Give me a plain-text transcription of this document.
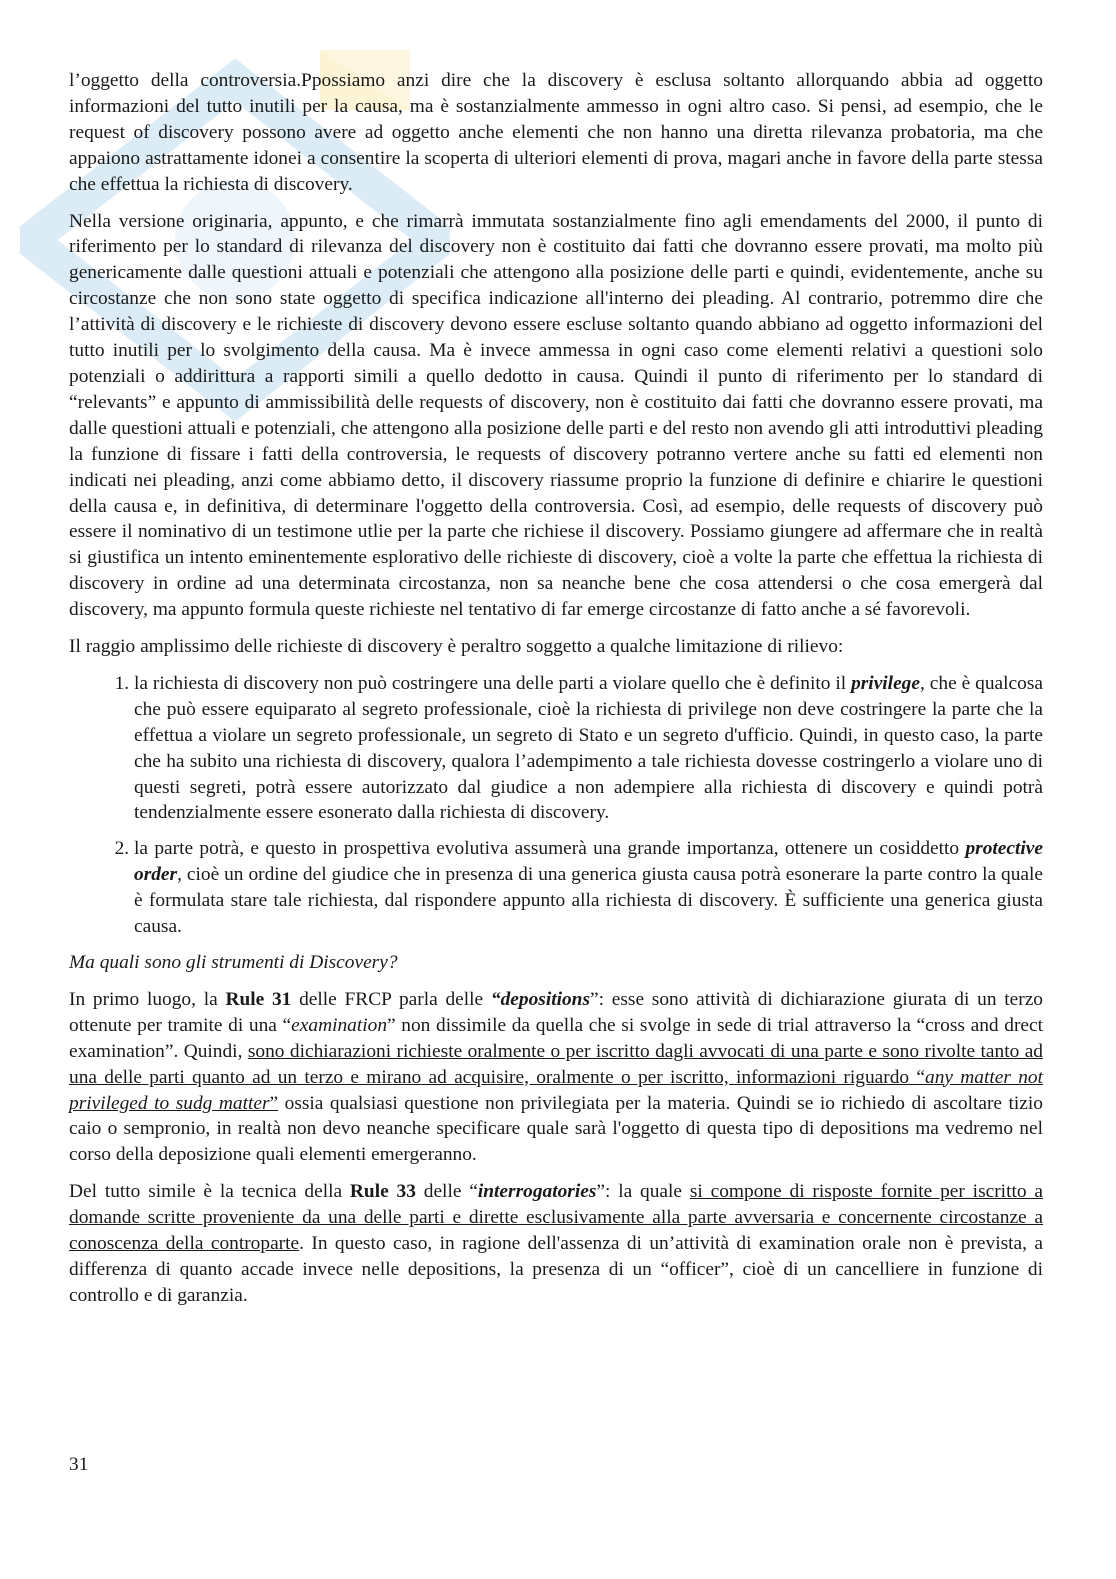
l’oggetto della controversia.Ppossiamo anzi dire che la discovery è esclusa soltanto allorquando abbia ad oggetto informazioni del tutto inutili per la causa, ma è sostanzialmente ammesso in ogni altro caso. Si pensi, ad esempio, che le request of discovery possono avere ad oggetto anche elementi che non hanno una diretta rilevanza probatoria, ma che appaiono astrattamente idonei a consentire la scoperta di ulteriori elementi di prova, magari anche in favore della parte stessa che effettua la richiesta di discovery.

Nella versione originaria, appunto, e che rimarrà immutata sostanzialmente fino agli emendaments del 2000, il punto di riferimento per lo standard di rilevanza del discovery non è costituito dai fatti che dovranno essere provati, ma molto più genericamente dalle questioni attuali e potenziali che attengono alla posizione delle parti e quindi, evidentemente, anche su circostanze che non sono state oggetto di specifica indicazione all'interno dei pleading. Al contrario, potremmo dire che l’attività di discovery e le richieste di discovery devono essere escluse soltanto quando abbiano ad oggetto informazioni del tutto inutili per lo svolgimento della causa. Ma è invece ammessa in ogni caso come elementi relativi a questioni solo potenziali o addirittura a rapporti simili a quello dedotto in causa. Quindi il punto di riferimento per lo standard di “relevants” e appunto di ammissibilità delle requests of discovery, non è costituito dai fatti che dovranno essere provati, ma dalle questioni attuali e potenziali, che attengono alla posizione delle parti e del resto non avendo gli atti introduttivi pleading la funzione di fissare i fatti della controversia, le requests of discovery potranno vertere anche su fatti ed elementi non indicati nei pleading, anzi come abbiamo detto, il discovery riassume proprio la funzione di definire e chiarire le questioni della causa e, in definitiva, di determinare l'oggetto della controversia. Così, ad esempio, delle requests of discovery può essere il nominativo di un testimone utlie per la parte che richiese il discovery. Possiamo giungere ad affermare che in realtà si giustifica un intento eminentemente esplorativo delle richieste di discovery, cioè a volte la parte che effettua la richiesta di discovery in ordine ad una determinata circostanza, non sa neanche bene che cosa attendersi o che cosa emergerà dal discovery, ma appunto formula queste richieste nel tentativo di far emerge circostanze di fatto anche a sé favorevoli.

Il raggio amplissimo delle richieste di discovery è peraltro soggetto a qualche limitazione di rilievo:

1. la richiesta di discovery non può costringere una delle parti a violare quello che è definito il privilege, che è qualcosa che può essere equiparato al segreto professionale, cioè la richiesta di privilege non deve costringere la parte che la effettua a violare un segreto professionale, un segreto di Stato e un segreto d'ufficio. Quindi, in questo caso, la parte che ha subito una richiesta di discovery, qualora l’adempimento a tale richiesta dovesse costringerlo a violare uno di questi segreti, potrà essere autorizzato dal giudice a non adempiere alla richiesta di discovery e quindi potrà tendenzialmente essere esonerato dalla richiesta di discovery.
2. la parte potrà, e questo in prospettiva evolutiva assumerà una grande importanza, ottenere un cosiddetto protective order, cioè un ordine del giudice che in presenza di una generica giusta causa potrà esonerare la parte contro la quale è formulata stare tale richiesta, dal rispondere appunto alla richiesta di discovery. È sufficiente una generica giusta causa.

Ma quali sono gli strumenti di Discovery?

In primo luogo, la Rule 31 delle FRCP parla delle “depositions”: esse sono attività di dichiarazione giurata di un terzo ottenute per tramite di una “examination” non dissimile da quella che si svolge in sede di trial attraverso la “cross and drect examination”. Quindi, sono dichiarazioni richieste oralmente o per iscritto dagli avvocati di una parte e sono rivolte tanto ad una delle parti quanto ad un terzo e mirano ad acquisire, oralmente o per iscritto, informazioni riguardo “any matter not privileged to sudg matter” ossia qualsiasi questione non privilegiata per la materia. Quindi se io richiedo di ascoltare tizio caio o sempronio, in realtà non devo neanche specificare quale sarà l'oggetto di questa tipo di depositions ma vedremo nel corso della deposizione quali elementi emergeranno.

Del tutto simile è la tecnica della Rule 33 delle “interrogatories”: la quale si compone di risposte fornite per iscritto a domande scritte proveniente da una delle parti e dirette esclusivamente alla parte avversaria e concernente circostanze a conoscenza della controparte. In questo caso, in ragione dell'assenza di un’attività di examination orale non è prevista, a differenza di quanto accade invece nelle depositions, la presenza di un “officer”, cioè di un cancelliere in funzione di controllo e di garanzia.

31
